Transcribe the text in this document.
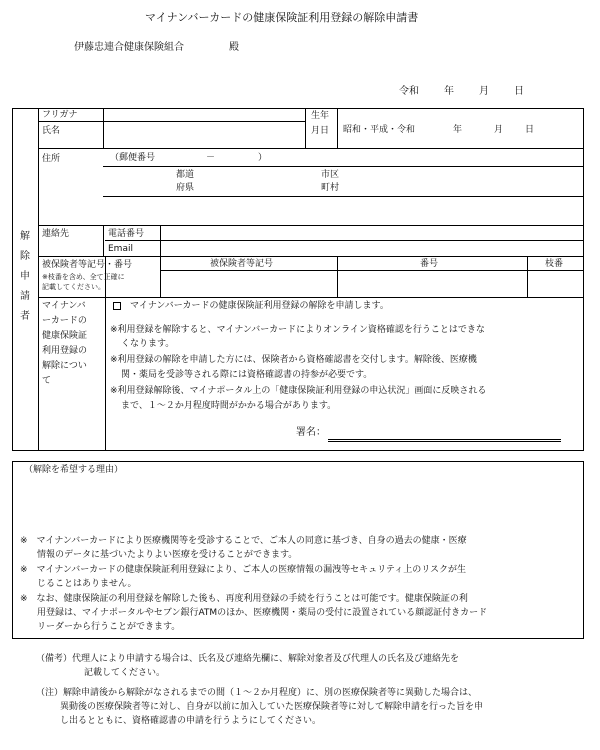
マイナンバーカードの健康保険証利用登録の解除申請書
伊藤忠連合健康保険組合	殿
令和	年	月	日
解
除
申
請
者
フリガナ
氏名
生年
月日 昭和・平成・令和	年	月 日
住所	（郵便番号	－	）
都道
府県
市区
町村
連絡先	電話番号
Email
被保険者等記号・番号
※枝番を含め、全て正確に
記載してください。
被保険者等記号	番号	枝番
マイナンバ
ーカードの
健康保険証
利用登録の
解除につい
て
マイナンバーカードの健康保険証利用登録の解除を申請します。
※利用登録を解除すると、マイナンバーカードによりオンライン資格確認を行うことはできな
くなります。
※利用登録の解除を申請した方には、保険者から資格確認書を交付します。解除後、医療機
関・薬局を受診等される際には資格確認書の持参が必要です。
※利用登録解除後、マイナポータル上の「健康保険証利用登録の申込状況」画面に反映される
まで、１～２か月程度時間がかかる場合があります。
署名：
（解除を希望する理由）
※　マイナンバーカードにより医療機関等を受診することで、ご本人の同意に基づき、自身の過去の健康・医療
情報のデータに基づいたよりよい医療を受けることができます。
※　マイナンバーカードの健康保険証利用登録により、ご本人の医療情報の漏洩等セキュリティ上のリスクが生
じることはありません。
※　なお、健康保険証の利用登録を解除した後も、再度利用登録の手続を行うことは可能です。健康保険証の利
用登録は、マイナポータルやセブン銀行ATMのほか、医療機関・薬局の受付に設置されている顔認証付きカード
リーダーから行うことができます。
（備考）代理人により申請する場合は、氏名及び連絡先欄に、解除対象者及び代理人の氏名及び連絡先を
記載してください。
（注）解除申請後から解除がなされるまでの間（１～２か月程度）に、別の医療保険者等に異動した場合は、
異動後の医療保険者等に対し、自身が以前に加入していた医療保険者等に対して解除申請を行った旨を申
し出るとともに、資格確認書の申請を行うようにしてください。
